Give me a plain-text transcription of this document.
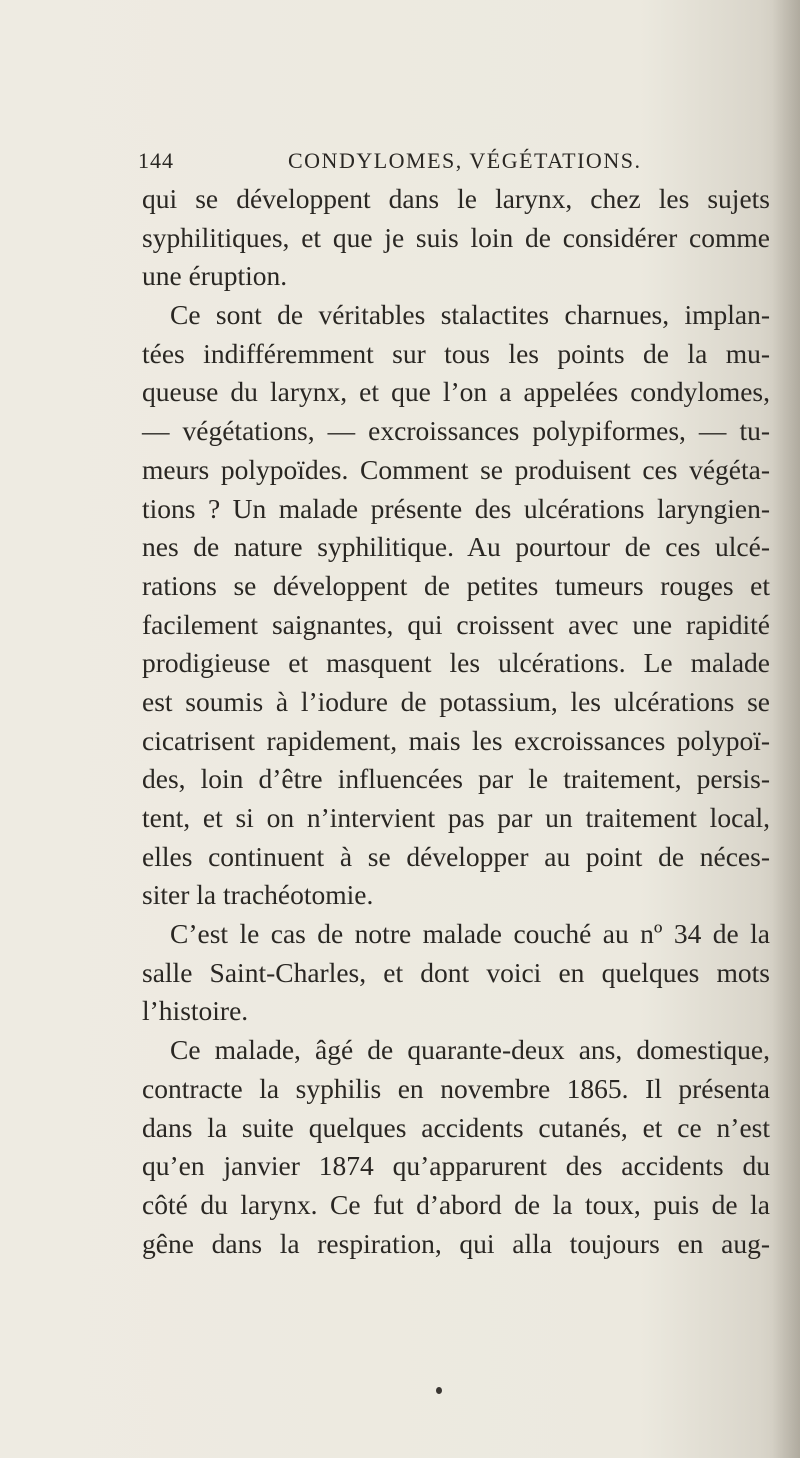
144	CONDYLOMES, VÉGÉTATIONS.
qui se développent dans le larynx, chez les sujets
syphilitiques, et que je suis loin de considérer comme
une éruption.
Ce sont de véritables stalactites charnues, implan-
tées indifféremment sur tous les points de la mu-
queuse du larynx, et que l’on a appelées condylomes,
— végétations, — excroissances polypiformes, — tu-
meurs polypoïdes. Comment se produisent ces végéta-
tions ? Un malade présente des ulcérations laryngien-
nes de nature syphilitique. Au pourtour de ces ulcé-
rations se développent de petites tumeurs rouges et
facilement saignantes, qui croissent avec une rapidité
prodigieuse et masquent les ulcérations. Le malade
est soumis à l’iodure de potassium, les ulcérations se
cicatrisent rapidement, mais les excroissances polypoï-
des, loin d’être influencées par le traitement, persis-
tent, et si on n’intervient pas par un traitement local,
elles continuent à se développer au point de néces-
siter la trachéotomie.
C’est le cas de notre malade couché au nº 34 de la
salle Saint-Charles, et dont voici en quelques mots
l’histoire.
Ce malade, âgé de quarante-deux ans, domestique,
contracte la syphilis en novembre 1865. Il présenta
dans la suite quelques accidents cutanés, et ce n’est
qu’en janvier 1874 qu’apparurent des accidents du
côté du larynx. Ce fut d’abord de la toux, puis de la
gêne dans la respiration, qui alla toujours en aug-
